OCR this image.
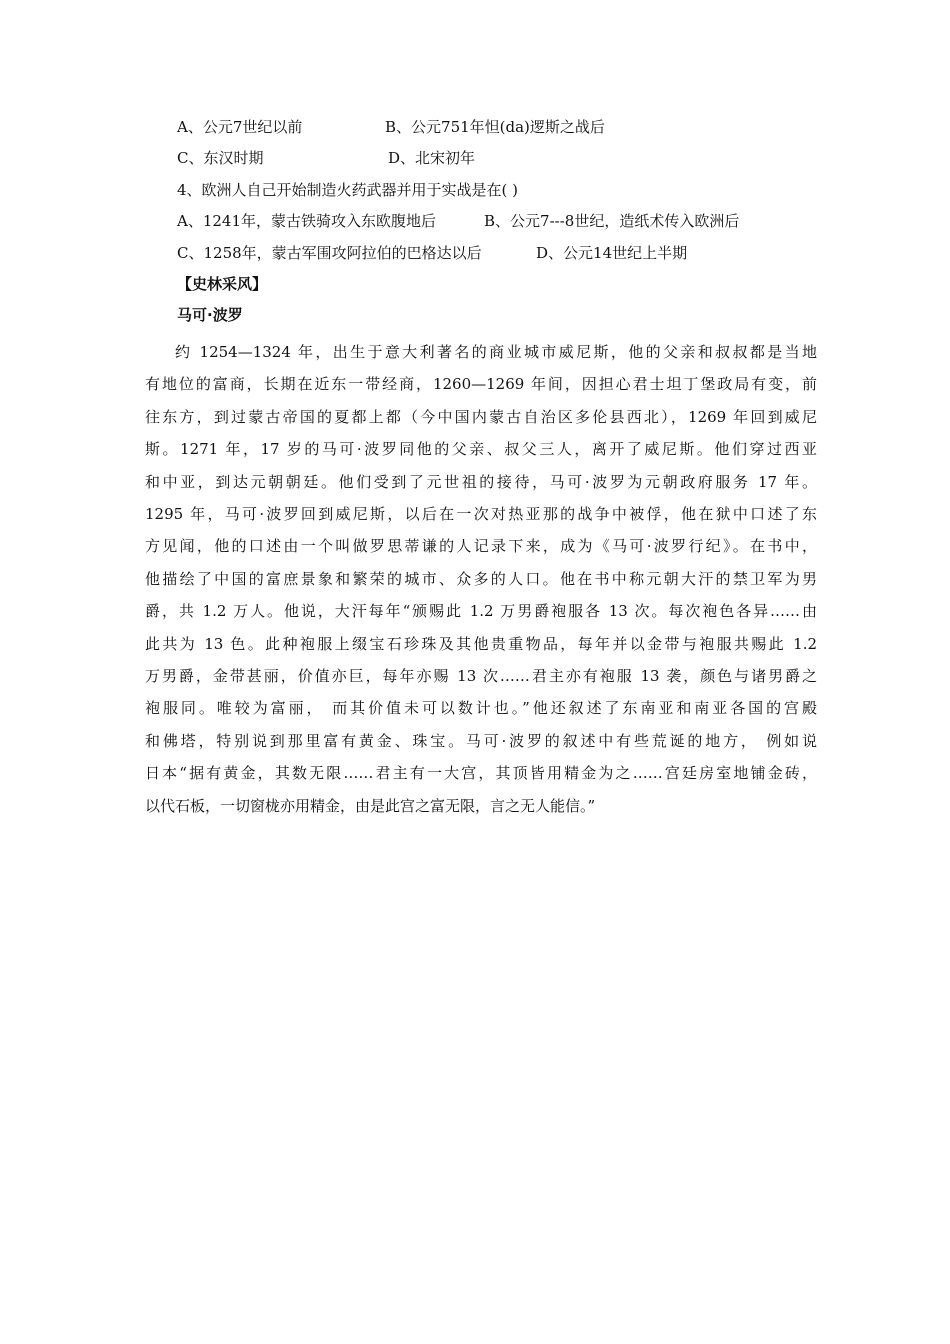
A、公元7世纪以前	B、公元751年怛(da)逻斯之战后
C、东汉时期	D、北宋初年
4、欧洲人自己开始制造火药武器并用于实战是在( )
A、1241年，蒙古铁骑攻入东欧腹地后	B、公元7---8世纪，造纸术传入欧洲后
C、1258年，蒙古军围攻阿拉伯的巴格达以后	D、公元14世纪上半期
【史林采风】
马可·波罗
约 1254—1324 年，出生于意大利著名的商业城市威尼斯，他的父亲和叔叔都是当地
有地位的富商，长期在近东一带经商，1260—1269 年间，因担心君士坦丁堡政局有变，前
往东方，到过蒙古帝国的夏都上都（今中国内蒙古自治区多伦县西北），1269 年回到威尼
斯。1271 年，17 岁的马可·波罗同他的父亲、叔父三人，离开了威尼斯。他们穿过西亚
和中亚，到达元朝朝廷。他们受到了元世祖的接待，马可·波罗为元朝政府服务 17 年。
1295 年，马可·波罗回到威尼斯，以后在一次对热亚那的战争中被俘，他在狱中口述了东
方见闻，他的口述由一个叫做罗思蒂谦的人记录下来，成为《马可·波罗行纪》。在书中，
他描绘了中国的富庶景象和繁荣的城市、众多的人口。他在书中称元朝大汗的禁卫军为男
爵，共 1.2 万人。他说，大汗每年“颁赐此 1.2 万男爵袍服各 13 次。每次袍色各异……由
此共为 13 色。此种袍服上缀宝石珍珠及其他贵重物品，每年并以金带与袍服共赐此 1.2
万男爵，金带甚丽，价值亦巨，每年亦赐 13 次……君主亦有袍服 13 袭，颜色与诸男爵之
袍服同。唯较为富丽， 而其价值未可以数计也。”他还叙述了东南亚和南亚各国的宫殿
和佛塔，特别说到那里富有黄金、珠宝。马可·波罗的叙述中有些荒诞的地方， 例如说
日本“据有黄金，其数无限……君主有一大宫，其顶皆用精金为之……宫廷房室地铺金砖，
以代石板，一切窗栊亦用精金，由是此宫之富无限，言之无人能信。”
